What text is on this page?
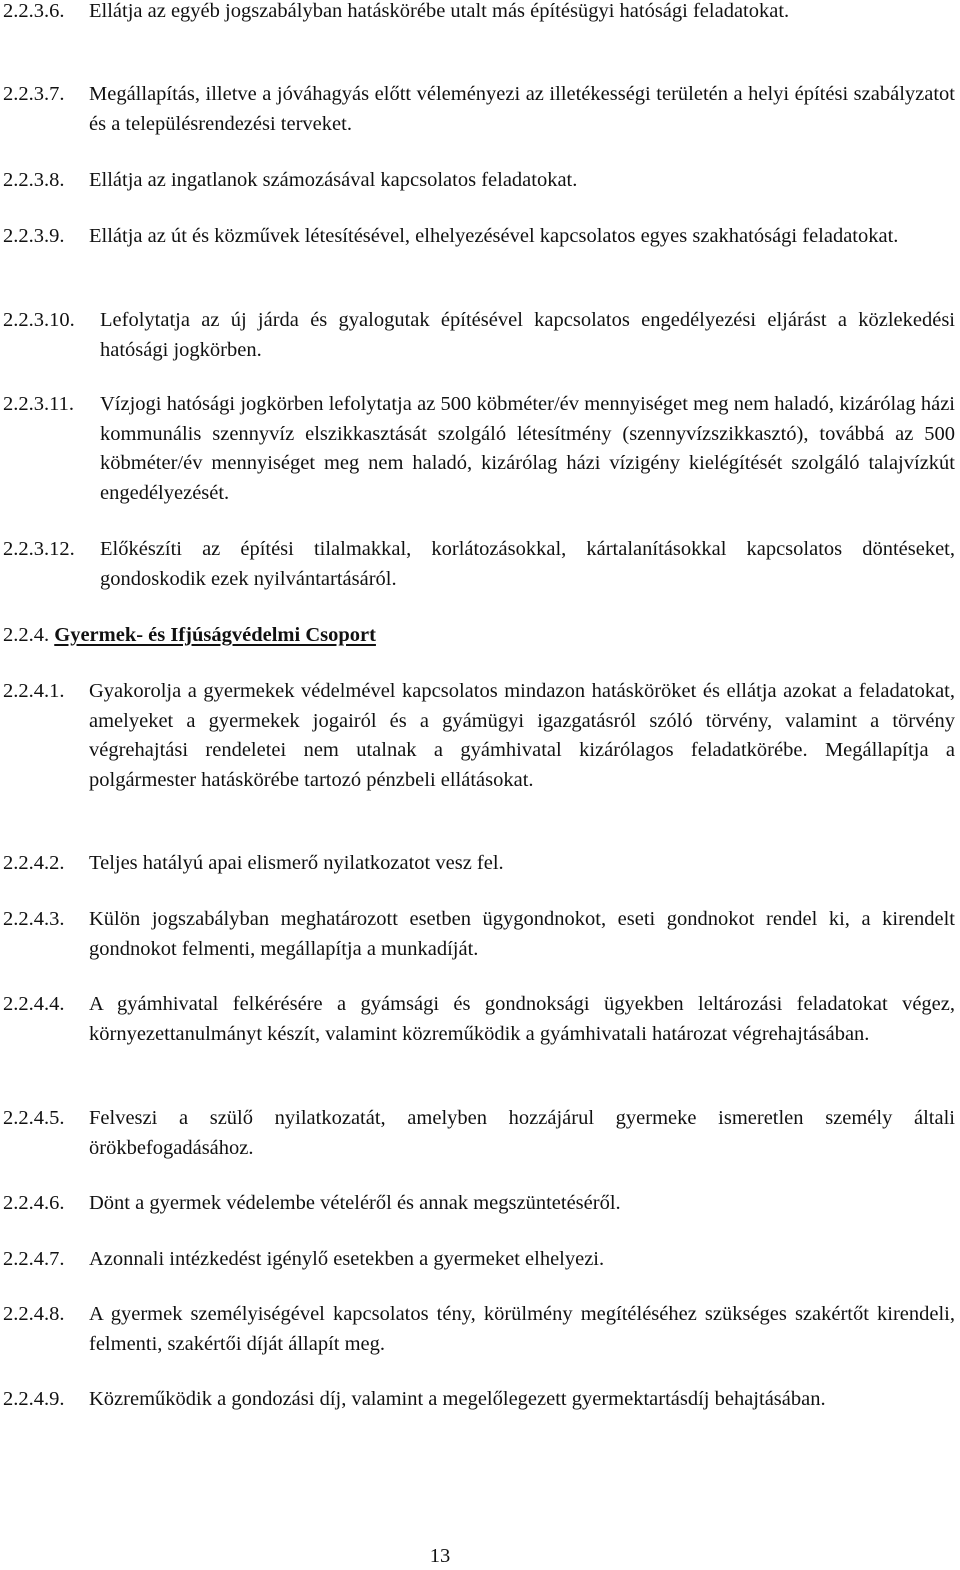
2.2.3.6.	Ellátja az egyéb jogszabályban hatáskörébe utalt más építésügyi hatósági feladatokat.
2.2.3.7.	Megállapítás, illetve a jóváhagyás előtt véleményezi az illetékességi területén a helyi építési szabályzatot és a településrendezési terveket.
2.2.3.8.	Ellátja az ingatlanok számozásával kapcsolatos feladatokat.
2.2.3.9.	Ellátja az út és közművek létesítésével, elhelyezésével kapcsolatos egyes szakhatósági feladatokat.
2.2.3.10.	Lefolytatja az új járda és gyalogutak építésével kapcsolatos engedélyezési eljárást a közlekedési hatósági jogkörben.
2.2.3.11.	Vízjogi hatósági jogkörben lefolytatja az 500 köbméter/év mennyiséget meg nem haladó, kizárólag házi kommunális szennyvíz elszikkasztását szolgáló létesítmény (szennyvízszikkasztó), továbbá az 500 köbméter/év mennyiséget meg nem haladó, kizárólag házi vízigény kielégítését szolgáló talajvízkút engedélyezését.
2.2.3.12.	Előkészíti az építési tilalmakkal, korlátozásokkal, kártalanításokkal kapcsolatos döntéseket, gondoskodik ezek nyilvántartásáról.
2.2.4. Gyermek- és Ifjúságvédelmi Csoport
2.2.4.1.	Gyakorolja a gyermekek védelmével kapcsolatos mindazon hatásköröket és ellátja azokat a feladatokat, amelyeket a gyermekek jogairól és a gyámügyi igazgatásról szóló törvény, valamint a törvény végrehajtási rendeletei nem utalnak a gyámhivatal kizárólagos feladatkörébe. Megállapítja a polgármester hatáskörébe tartozó pénzbeli ellátásokat.
2.2.4.2.	Teljes hatályú apai elismerő nyilatkozatot vesz fel.
2.2.4.3.	Külön jogszabályban meghatározott esetben ügygondnokot, eseti gondnokot rendel ki, a kirendelt gondnokot felmenti, megállapítja a munkadíját.
2.2.4.4.	A gyámhivatal felkérésére a gyámsági és gondnoksági ügyekben leltározási feladatokat végez, környezettanulmányt készít, valamint közreműködik a gyámhivatali határozat végrehajtásában.
2.2.4.5.	Felveszi a szülő nyilatkozatát, amelyben hozzájárul gyermeke ismeretlen személy általi örökbefogadásához.
2.2.4.6.	Dönt a gyermek védelembe vételéről és annak megszüntetéséről.
2.2.4.7.	Azonnali intézkedést igénylő esetekben a gyermeket elhelyezi.
2.2.4.8.	A gyermek személyiségével kapcsolatos tény, körülmény megítéléséhez szükséges szakértőt kirendeli, felmenti, szakértői díját állapít meg.
2.2.4.9.	Közreműködik a gondozási díj, valamint a megelőlegezett gyermektartásdíj behajtásában.
13
